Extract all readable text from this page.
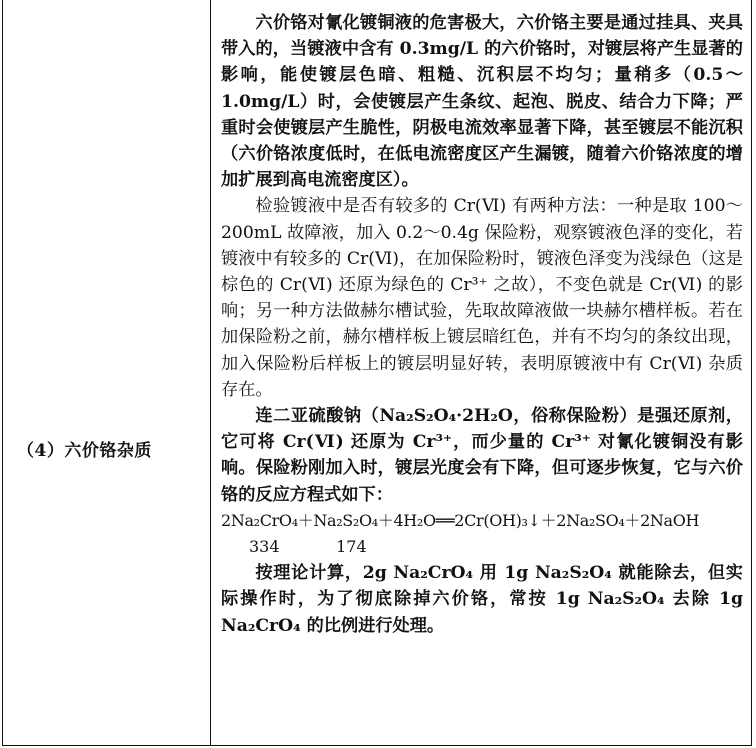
（4）六价铬杂质

六价铬对氰化镀铜液的危害极大，六价铬主要是通过挂具、夹具带入的，当镀液中含有 0.3mg/L 的六价铬时，对镀层将产生显著的影响，能使镀层色暗、粗糙、沉积层不均匀；量稍多（0.5～1.0mg/L）时，会使镀层产生条纹、起泡、脱皮、结合力下降；严重时会使镀层产生脆性，阴极电流效率显著下降，甚至镀层不能沉积（六价铬浓度低时，在低电流密度区产生漏镀，随着六价铬浓度的增加扩展到高电流密度区）。

检验镀液中是否有较多的 Cr(Ⅵ) 有两种方法：一种是取 100～200mL 故障液，加入 0.2～0.4g 保险粉，观察镀液色泽的变化，若镀液中有较多的 Cr(Ⅵ)，在加保险粉时，镀液色泽变为浅绿色（这是棕色的 Cr(Ⅵ) 还原为绿色的 Cr³⁺ 之故），不变色就是 Cr(Ⅵ) 的影响；另一种方法做赫尔槽试验，先取故障液做一块赫尔槽样板。若在加保险粉之前，赫尔槽样板上镀层暗红色，并有不均匀的条纹出现，加入保险粉后样板上的镀层明显好转，表明原镀液中有 Cr(Ⅵ) 杂质存在。

连二亚硫酸钠（Na₂S₂O₄·2H₂O，俗称保险粉）是强还原剂，它可将 Cr(Ⅵ) 还原为 Cr³⁺，而少量的 Cr³⁺ 对氰化镀铜没有影响。保险粉刚加入时，镀层光度会有下降，但可逐步恢复，它与六价铬的反应方程式如下：

2Na₂CrO₄＋Na₂S₂O₄＋4H₂O══2Cr(OH)₃↓＋2Na₂SO₄＋2NaOH

334	174

按理论计算，2g Na₂CrO₄ 用 1g Na₂S₂O₄ 就能除去，但实际操作时，为了彻底除掉六价铬，常按 1g Na₂S₂O₄ 去除 1g Na₂CrO₄ 的比例进行处理。
